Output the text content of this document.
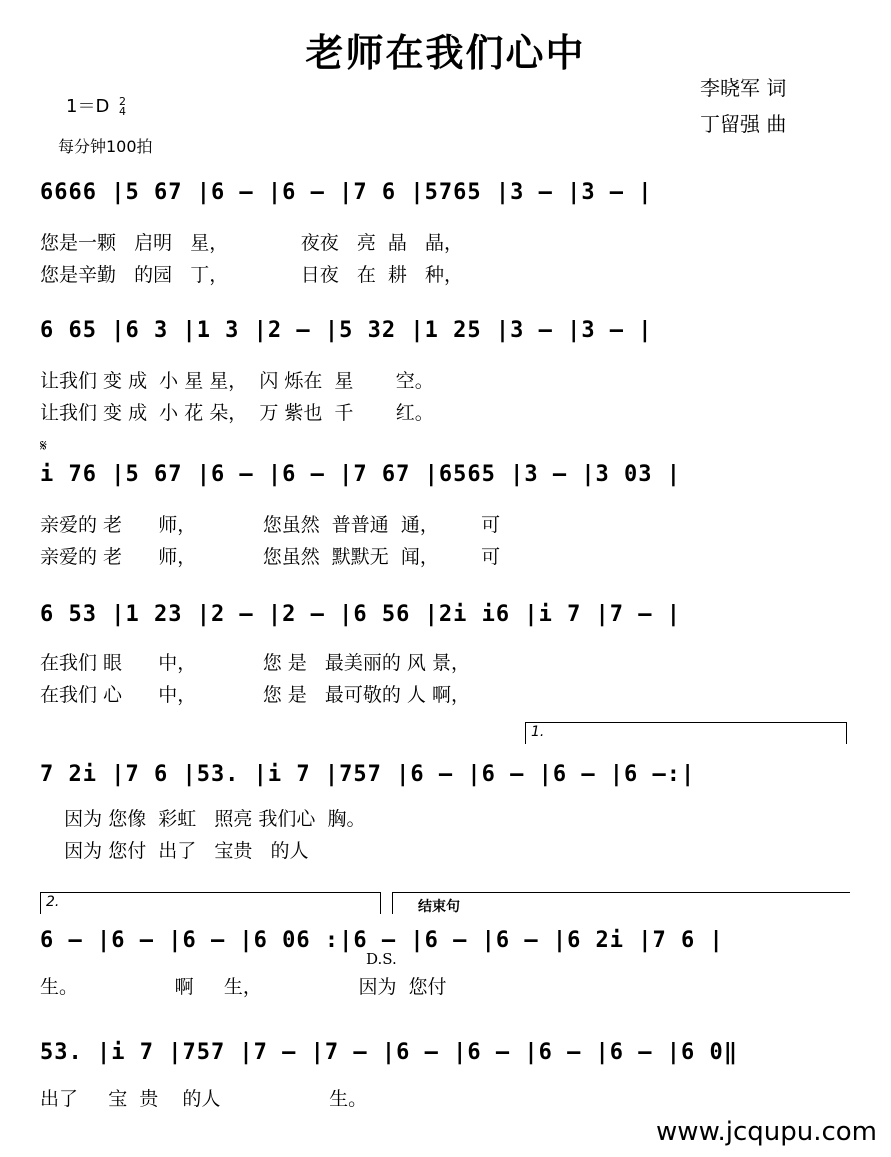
老师在我们心中
1＝D 2
4
每分钟100拍
李晓军 词
丁留强 曲
6666 |5 67 |6 – |6 – |7 6 |5765 |3 – |3 – |
您是一颗   启明   星，            夜夜   亮  晶   晶，
您是辛勤   的园   丁，            日夜   在  耕   种，
6 65 |6 3 |1 3 |2 – |5 32 |1 25 |3 – |3 – |
让我们 变 成  小 星 星，  闪 烁在  星       空。
让我们 变 成  小 花 朵，  万 紫也  千       红。
𝄋
i 76 |5 67 |6 – |6 – |7 67 |6565 |3 – |3 03 |
亲爱的 老      师，           您虽然  普普通  通，       可
亲爱的 老      师，           您虽然  默默无  闻，       可
6 53 |1 23 |2 – |2 – |6 56 |2i i6 |i 7 |7 – |
在我们 眼      中，           您 是   最美丽的 风 景，
在我们 心      中，           您 是   最可敬的 人 啊，
1.
7 2i |7 6 |53. |i 7 |757 |6 – |6 – |6 – |6 –:|
因为 您像  彩虹   照亮 我们心  胸。
因为 您付  出了   宝贵   的人
2.	结束句
6 – |6 – |6 – |6 06 :|6 – |6 – |6 – |6 2i |7 6 |
生。                啊     生，                因为  您付
D.S.
53. |i 7 |757 |7 – |7 – |6 – |6 – |6 – |6 – |6 0‖
出了     宝  贵    的人                  生。
www.jcqupu.com
